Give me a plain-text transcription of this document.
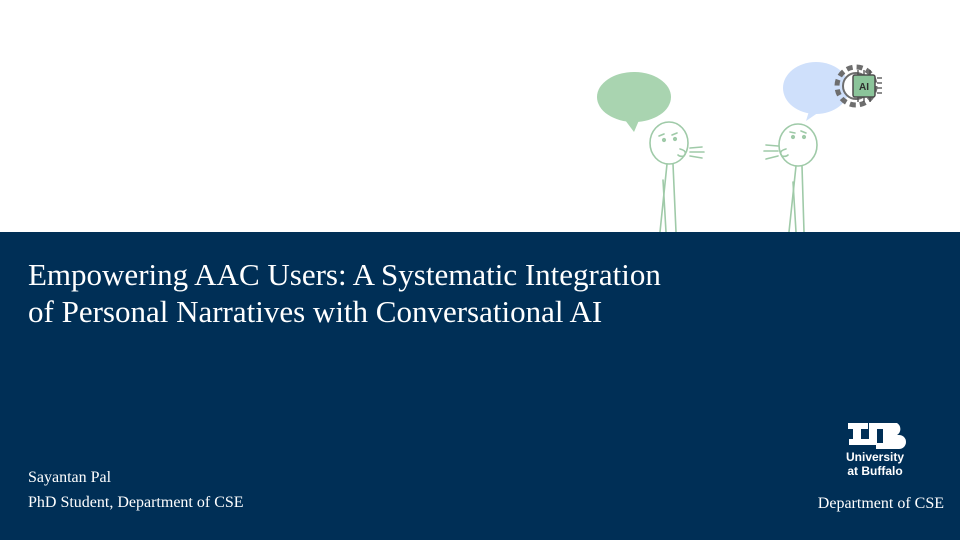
AI
Empowering AAC Users: A Systematic Integration of Personal Narratives with Conversational AI

Sayantan Pal

PhD Student, Department of CSE	Department of CSE

University
at Buffalo
